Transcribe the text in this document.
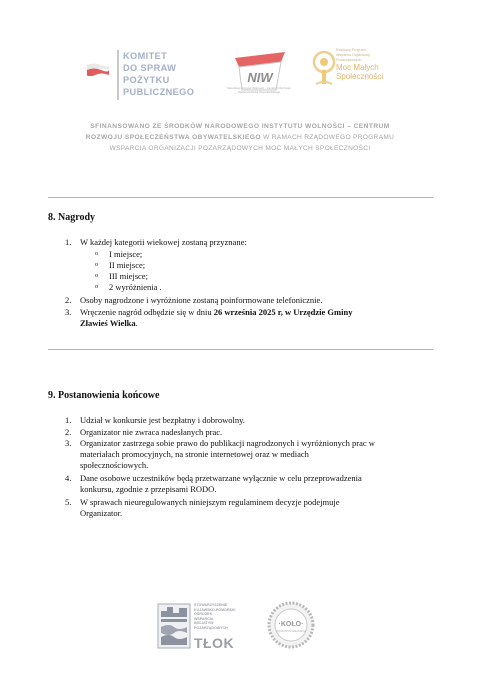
KOMITET
DO SPRAW
POŻYTKU
PUBLICZNEGO
NIW
Narodowy Instytut Wolności · Centrum Rozwoju Społeczeństwa Obywatelskiego
Rządowy Program
Wsparcia Organizacji
Pozarządowych
Moc Małych
Społeczności
SFINANSOWANO ZE ŚRODKÓW NARODOWEGO INSTYTUTU WOLNOŚCI – CENTRUM
ROZWOJU SPOŁECZEŃSTWA OBYWATELSKIEGO W RAMACH RZĄDOWEGO PROGRAMU
WSPARCIA ORGANIZACJI POZARZĄDOWYCH MOC MAŁYCH SPOŁECZNOŚCI
8. Nagrody
1. W każdej kategorii wiekowej zostaną przyznane:
o I miejsce;
o II miejsce;
o III miejsce;
o 2 wyróżnienia .
2. Osoby nagrodzone i wyróżnione zostaną poinformowane telefonicznie.
3. Wręczenie nagród odbędzie się w dniu 26 września 2025 r, w Urzędzie Gminy
Zławieś Wielka.
9. Postanowienia końcowe
1. Udział w konkursie jest bezpłatny i dobrowolny.
2. Organizator nie zwraca nadesłanych prac.
3. Organizator zastrzega sobie prawo do publikacji nagrodzonych i wyróżnionych prac w
materiałach promocyjnych, na stronie internetowej oraz w mediach
społecznościowych.
4. Dane osobowe uczestników będą przetwarzane wyłącznie w celu przeprowadzenia
konkursu, zgodnie z przepisami RODO.
5. W sprawach nieuregulowanych niniejszym regulaminem decyzje podejmuje
Organizator.
STOWARZYSZENIE
KUJAWSKO-POMORSKI
OŚRODEK
WSPARCIA
INICJATYW
POZARZĄDOWYCH
TŁOK
·KOŁO·
GOSPODYŃ WIEJSKICH
